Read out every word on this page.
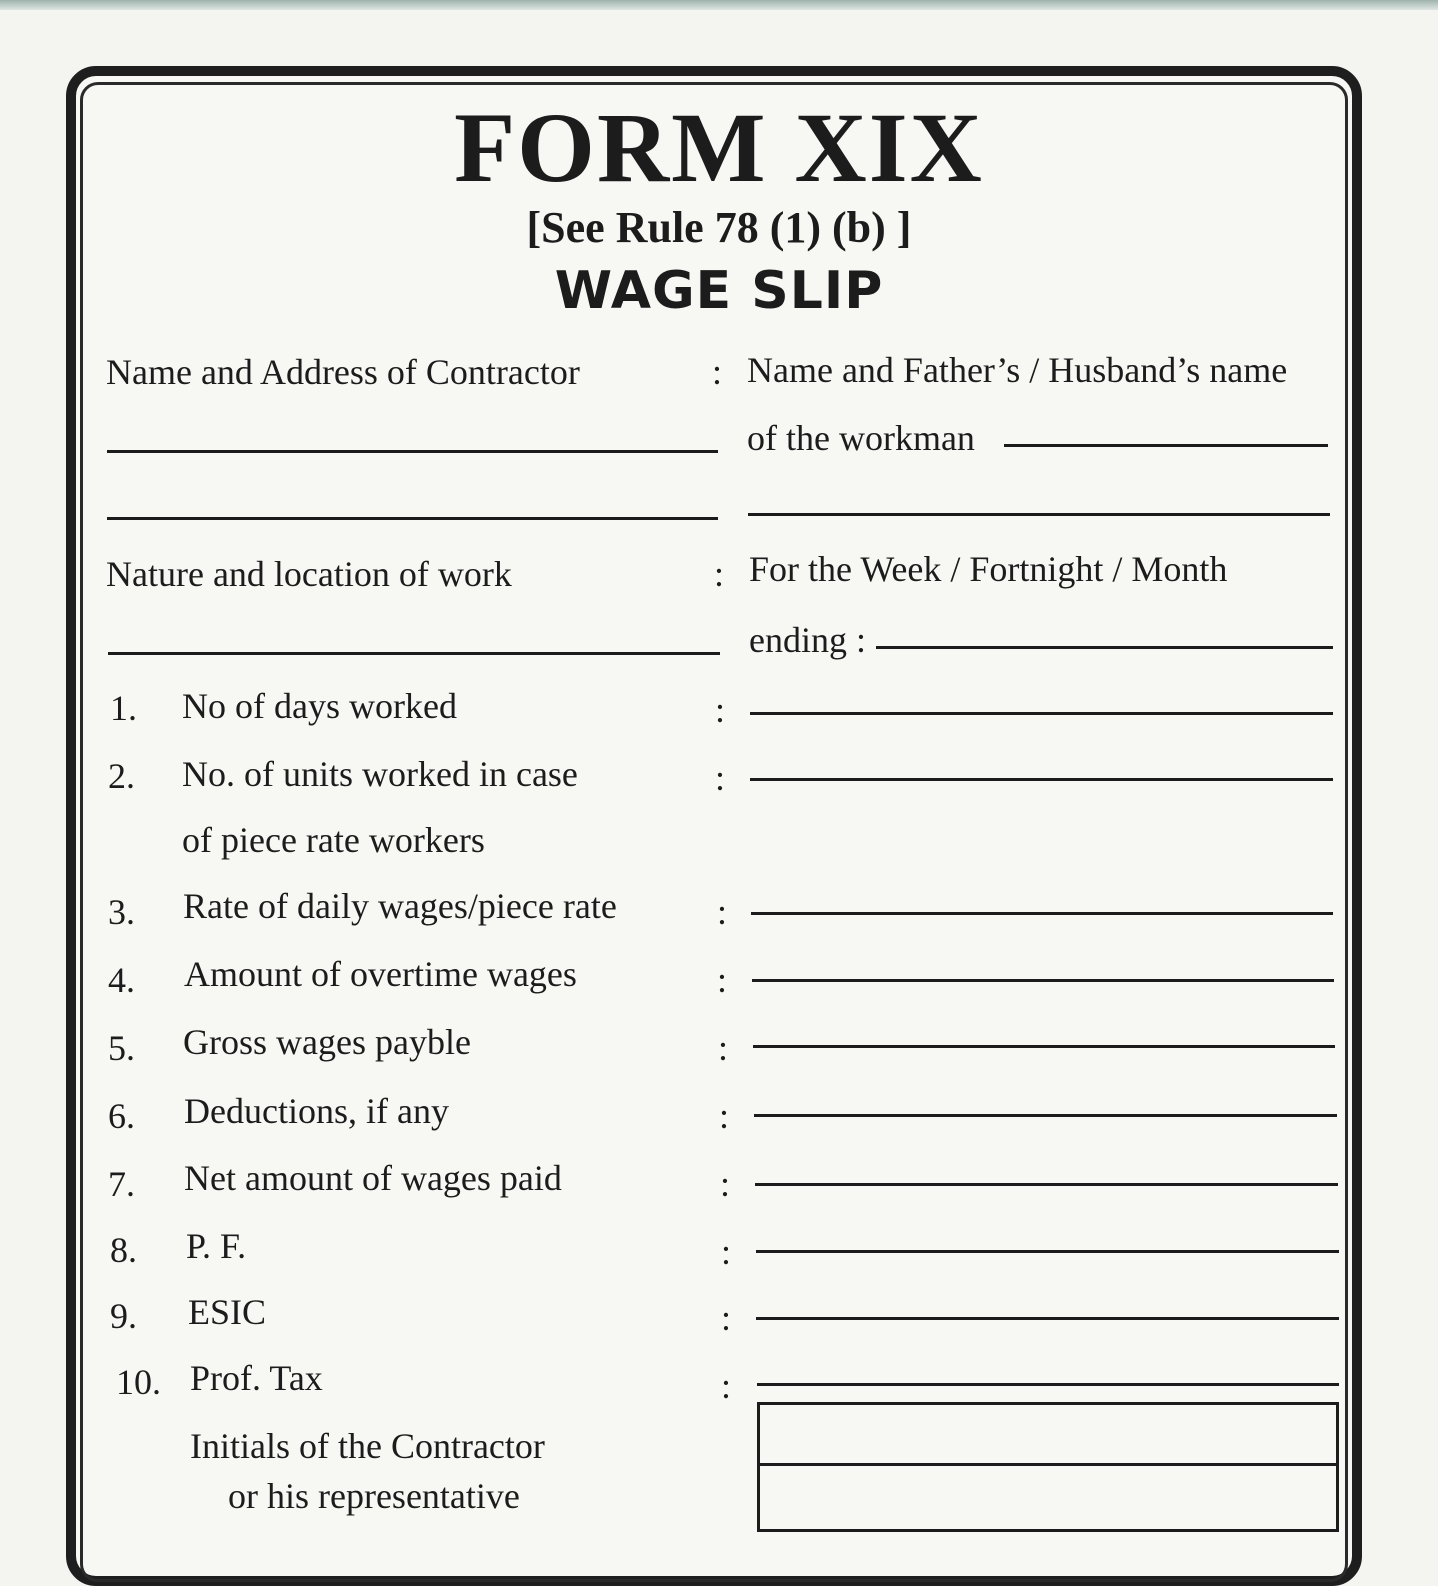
FORM XIX
[See Rule 78 (1) (b) ]
WAGE SLIP
Name and Address of Contractor	: Name and Father’s / Husband’s name
of the workman
Nature and location of work	: For the Week / Fortnight / Month
ending :
1. No of days worked	:
2. No. of units worked in case	:
of piece rate workers
3. Rate of daily wages/piece rate	:
4. Amount of overtime wages	:
5. Gross wages payble	:
6. Deductions, if any	:
7. Net amount of wages paid	:
8. P. F.	:
9. ESIC	:
10. Prof. Tax	:
Initials of the Contractor
or his representative
